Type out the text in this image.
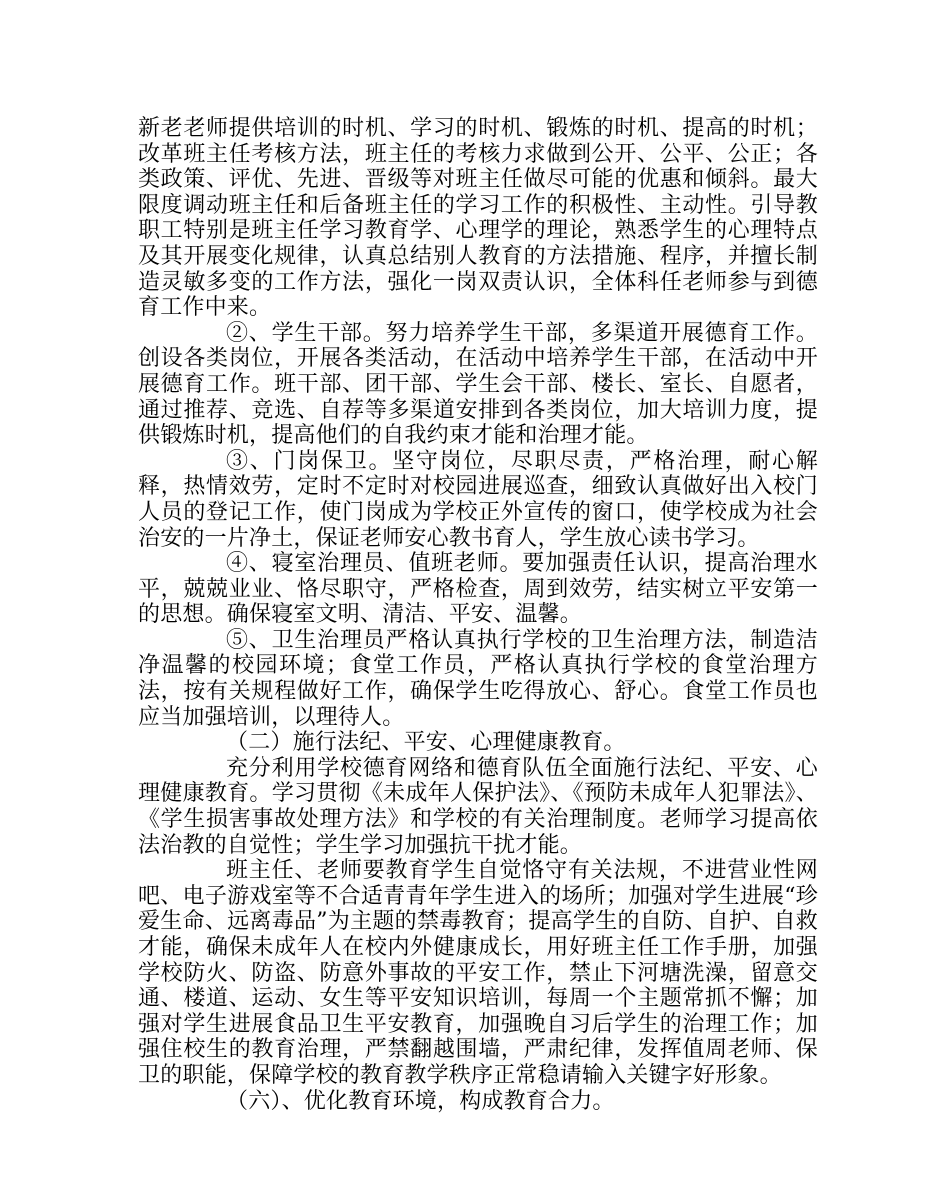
新老老师提供培训的时机、学习的时机、锻炼的时机、提高的时机；改革班主任考核方法，班主任的考核力求做到公开、公平、公正；各类政策、评优、先进、晋级等对班主任做尽可能的优惠和倾斜。最大限度调动班主任和后备班主任的学习工作的积极性、主动性。引导教职工特别是班主任学习教育学、心理学的理论，熟悉学生的心理特点及其开展变化规律，认真总结别人教育的方法措施、程序，并擅长制造灵敏多变的工作方法，强化一岗双责认识，全体科任老师参与到德育工作中来。

②、学生干部。努力培养学生干部，多渠道开展德育工作。创设各类岗位，开展各类活动，在活动中培养学生干部，在活动中开展德育工作。班干部、团干部、学生会干部、楼长、室长、自愿者，通过推荐、竞选、自荐等多渠道安排到各类岗位，加大培训力度，提供锻炼时机，提高他们的自我约束才能和治理才能。

③、门岗保卫。坚守岗位，尽职尽责，严格治理，耐心解释，热情效劳，定时不定时对校园进展巡查，细致认真做好出入校门人员的登记工作，使门岗成为学校正外宣传的窗口，使学校成为社会治安的一片净土，保证老师安心教书育人，学生放心读书学习。

④、寝室治理员、值班老师。要加强责任认识，提高治理水平，兢兢业业、恪尽职守，严格检查，周到效劳，结实树立平安第一的思想。确保寝室文明、清洁、平安、温馨。

⑤、卫生治理员严格认真执行学校的卫生治理方法，制造洁净温馨的校园环境；食堂工作员，严格认真执行学校的食堂治理方法，按有关规程做好工作，确保学生吃得放心、舒心。食堂工作员也应当加强培训，以理待人。

（二）施行法纪、平安、心理健康教育。

充分利用学校德育网络和德育队伍全面施行法纪、平安、心理健康教育。学习贯彻《未成年人保护法》、《预防未成年人犯罪法》、《学生损害事故处理方法》和学校的有关治理制度。老师学习提高依法治教的自觉性；学生学习加强抗干扰才能。

班主任、老师要教育学生自觉恪守有关法规，不进营业性网吧、电子游戏室等不合适青青年学生进入的场所；加强对学生进展“珍爱生命、远离毒品”为主题的禁毒教育；提高学生的自防、自护、自救才能，确保未成年人在校内外健康成长，用好班主任工作手册，加强学校防火、防盗、防意外事故的平安工作，禁止下河塘洗澡，留意交通、楼道、运动、女生等平安知识培训，每周一个主题常抓不懈；加强对学生进展食品卫生平安教育，加强晚自习后学生的治理工作；加强住校生的教育治理，严禁翻越围墙，严肃纪律，发挥值周老师、保卫的职能，保障学校的教育教学秩序正常稳请输入关键字好形象。

（六）、优化教育环境，构成教育合力。
